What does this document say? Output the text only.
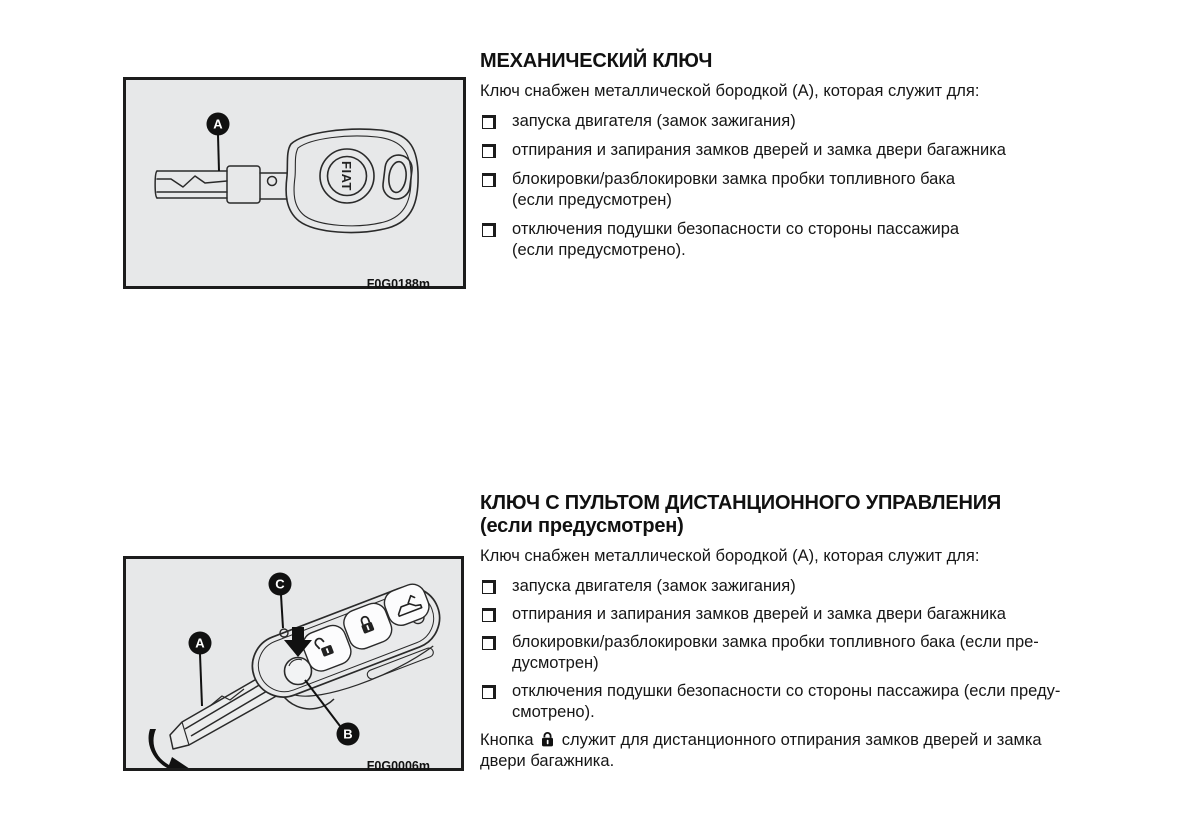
FIAT
A
F0G0188m
МЕХАНИЧЕСКИЙ КЛЮЧ

Ключ снабжен металлической бородкой (А), которая служит для:

запуска двигателя (замок зажигания)
отпирания и запирания замков дверей и замка двери багажника
блокировки/разблокировки замка пробки топливного бака
(если предусмотрен)
отключения подушки безопасности со стороны пассажира
(если предусмотрено).
C
A
B
F0G0006m
КЛЮЧ С ПУЛЬТОМ ДИСТАНЦИОННОГО УПРАВЛЕНИЯ
(если предусмотрен)

Ключ снабжен металлической бородкой (А), которая служит для:

запуска двигателя (замок зажигания)
отпирания и запирания замков дверей и замка двери багажника
блокировки/разблокировки замка пробки топливного бака (если пре-
дусмотрен)
отключения подушки безопасности со стороны пассажира (если преду-
смотрено).

Кнопка служит для дистанционного отпирания замков дверей и замка
двери багажника.
